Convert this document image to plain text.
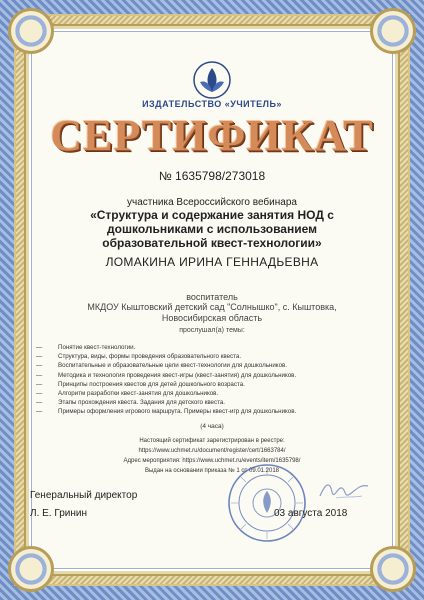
ИЗДАТЕЛЬСТВО «УЧИТЕЛЬ»
СЕРТИФИКАТ
№ 1635798/273018
участника Всероссийского вебинара
«Структура и содержание занятия НОД с дошкольниками с использованием образовательной квест-технологии»
ЛОМАКИНА ИРИНА ГЕННАДЬЕВНА
воспитатель
МКДОУ Кыштовский детский сад "Солнышко", с. Кыштовка, Новосибирская область
прослушал(а) темы:
—	Понятие квест-технологии.
—	Структура, виды, формы проведения образовательного квеста.
—	Воспитательные и образовательные цели квест-технологии для дошкольников.
—	Методика и технология проведения квест-игры (квест-занятия) для дошкольников.
—	Принципы построения квестов для детей дошкольного возраста.
—	Алгоритм разработки квест-занятия для дошкольников.
—	Этапы прохождения квеста. Задания для детского квеста.
—	Примеры оформления игрового маршрута. Примеры квест-игр для дошкольников.
(4 часа)
Настоящий сертификат зарегистрирован в реестре:
https://www.uchmet.ru/document/register/cert/1663784/
Адрес мероприятия: https://www.uchmet.ru/events/item/1635798/
Выдан на основании приказа № 1 от 09.01.2018
Генеральный директор
Л. Е. Гринин	03 августа 2018
